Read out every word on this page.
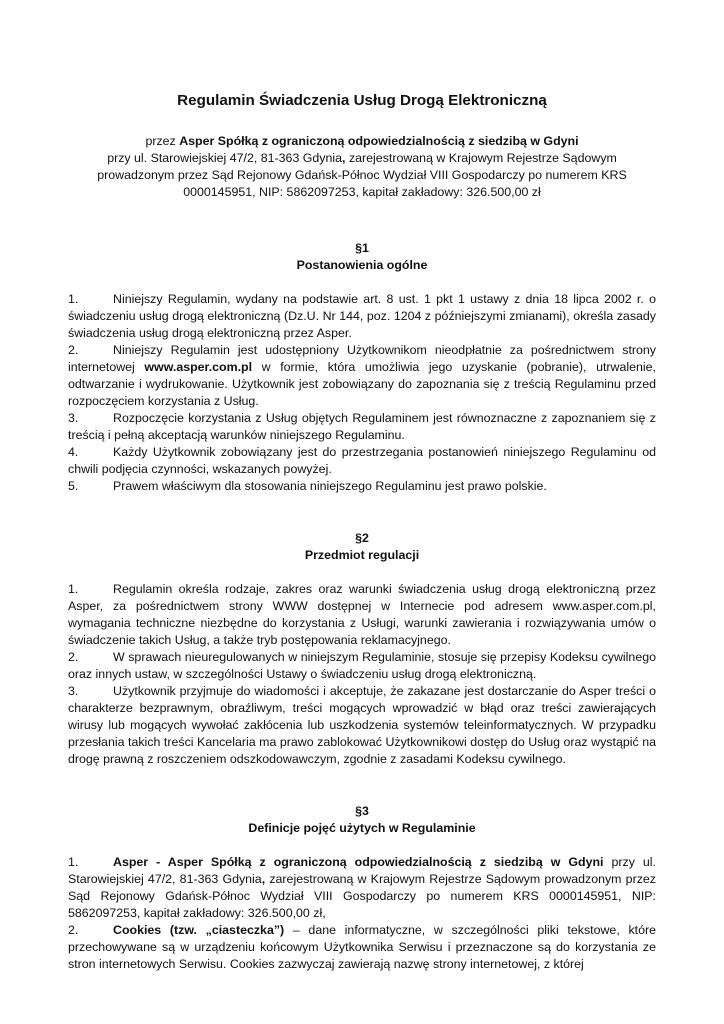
Regulamin Świadczenia Usług Drogą Elektroniczną
przez Asper Spółką z ograniczoną odpowiedzialnością z siedzibą w Gdyni
przy ul. Starowiejskiej 47/2, 81-363 Gdynia, zarejestrowaną w Krajowym Rejestrze Sądowym prowadzonym przez Sąd Rejonowy Gdańsk-Północ Wydział VIII Gospodarczy po numerem KRS 0000145951, NIP: 5862097253, kapitał zakładowy: 326.500,00 zł
§1
Postanowienia ogólne
1.	Niniejszy Regulamin, wydany na podstawie art. 8 ust. 1 pkt 1 ustawy z dnia 18 lipca 2002 r. o świadczeniu usług drogą elektroniczną (Dz.U. Nr 144, poz. 1204 z późniejszymi zmianami), określa zasady świadczenia usług drogą elektroniczną przez Asper.
2.	Niniejszy Regulamin jest udostępniony Użytkownikom nieodpłatnie za pośrednictwem strony internetowej www.asper.com.pl w formie, która umożliwia jego uzyskanie (pobranie), utrwalenie, odtwarzanie i wydrukowanie. Użytkownik jest zobowiązany do zapoznania się z treścią Regulaminu przed rozpoczęciem korzystania z Usług.
3.	Rozpoczęcie korzystania z Usług objętych Regulaminem jest równoznaczne z zapoznaniem się z treścią i pełną akceptacją warunków niniejszego Regulaminu.
4.	Każdy Użytkownik zobowiązany jest do przestrzegania postanowień niniejszego Regulaminu od chwili podjęcia czynności, wskazanych powyżej.
5.	Prawem właściwym dla stosowania niniejszego Regulaminu jest prawo polskie.
§2
Przedmiot regulacji
1.	Regulamin określa rodzaje, zakres oraz warunki świadczenia usług drogą elektroniczną przez Asper, za pośrednictwem strony WWW dostępnej w Internecie pod adresem www.asper.com.pl, wymagania techniczne niezbędne do korzystania z Usługi, warunki zawierania i rozwiązywania umów o świadczenie takich Usług, a także tryb postępowania reklamacyjnego.
2.	W sprawach nieuregulowanych w niniejszym Regulaminie, stosuje się przepisy Kodeksu cywilnego oraz innych ustaw, w szczególności Ustawy o świadczeniu usług drogą elektroniczną.
3.	Użytkownik przyjmuje do wiadomości i akceptuje, że zakazane jest dostarczanie do Asper treści o charakterze bezprawnym, obraźliwym, treści mogących wprowadzić w błąd oraz treści zawierających wirusy lub mogących wywołać zakłócenia lub uszkodzenia systemów teleinformatycznych. W przypadku przesłania takich treści Kancelaria ma prawo zablokować Użytkownikowi dostęp do Usług oraz wystąpić na drogę prawną z roszczeniem odszkodowawczym, zgodnie z zasadami Kodeksu cywilnego.
§3
Definicje pojęć użytych w Regulaminie
1.	Asper - Asper Spółką z ograniczoną odpowiedzialnością z siedzibą w Gdyni przy ul. Starowiejskiej 47/2, 81-363 Gdynia, zarejestrowaną w Krajowym Rejestrze Sądowym prowadzonym przez Sąd Rejonowy Gdańsk-Północ Wydział VIII Gospodarczy po numerem KRS 0000145951, NIP: 5862097253, kapitał zakładowy: 326.500,00 zł,
2.	Cookies (tzw. „ciasteczka”) – dane informatyczne, w szczególności pliki tekstowe, które przechowywane są w urządzeniu końcowym Użytkownika Serwisu i przeznaczone są do korzystania ze stron internetowych Serwisu. Cookies zazwyczaj zawierają nazwę strony internetowej, z której
